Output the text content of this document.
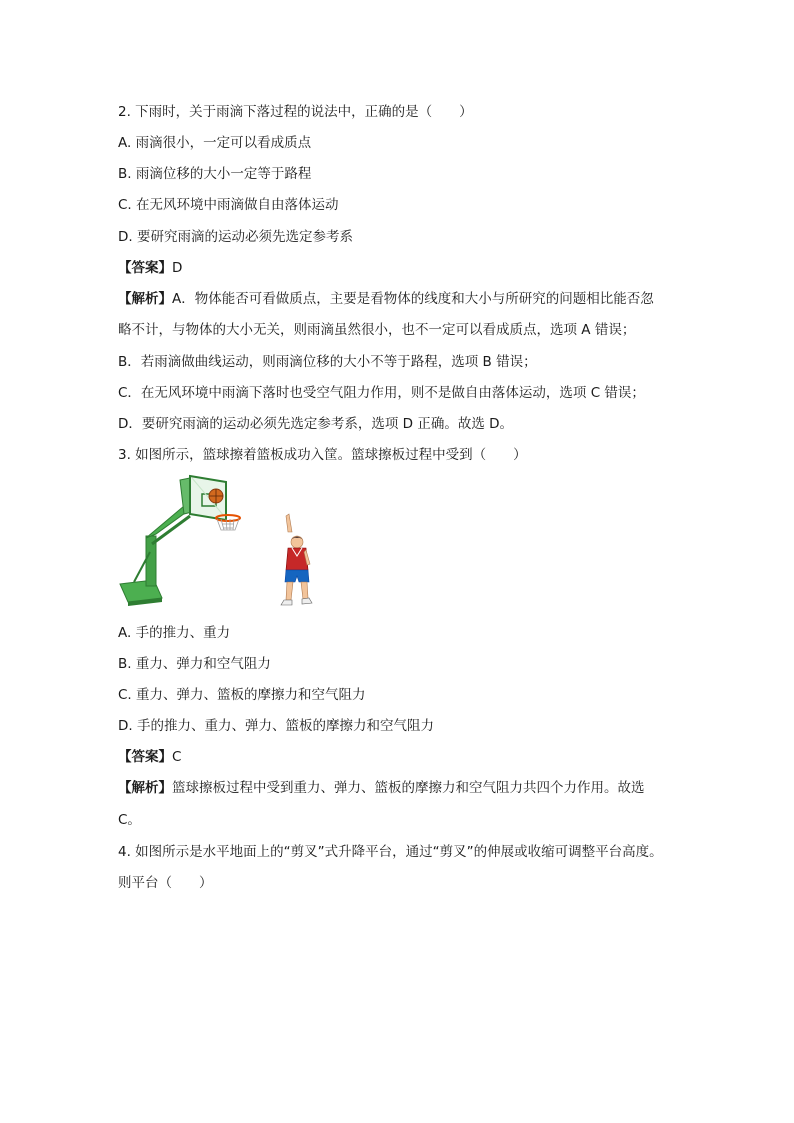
2. 下雨时，关于雨滴下落过程的说法中，正确的是（　　）
A. 雨滴很小，一定可以看成质点
B. 雨滴位移的大小一定等于路程
C. 在无风环境中雨滴做自由落体运动
D. 要研究雨滴的运动必须先选定参考系
【答案】D
【解析】A．物体能否可看做质点，主要是看物体的线度和大小与所研究的问题相比能否忽
略不计，与物体的大小无关，则雨滴虽然很小，也不一定可以看成质点，选项 A 错误；
B．若雨滴做曲线运动，则雨滴位移的大小不等于路程，选项 B 错误；
C．在无风环境中雨滴下落时也受空气阻力作用，则不是做自由落体运动，选项 C 错误；
D．要研究雨滴的运动必须先选定参考系，选项 D 正确。故选 D。
3. 如图所示，篮球擦着篮板成功入筐。篮球擦板过程中受到（　　）
A. 手的推力、重力
B. 重力、弹力和空气阻力
C. 重力、弹力、篮板的摩擦力和空气阻力
D. 手的推力、重力、弹力、篮板的摩擦力和空气阻力
【答案】C
【解析】篮球擦板过程中受到重力、弹力、篮板的摩擦力和空气阻力共四个力作用。故选
C。
4. 如图所示是水平地面上的“剪叉”式升降平台，通过“剪叉”的伸展或收缩可调整平台高度。
则平台（　　）
